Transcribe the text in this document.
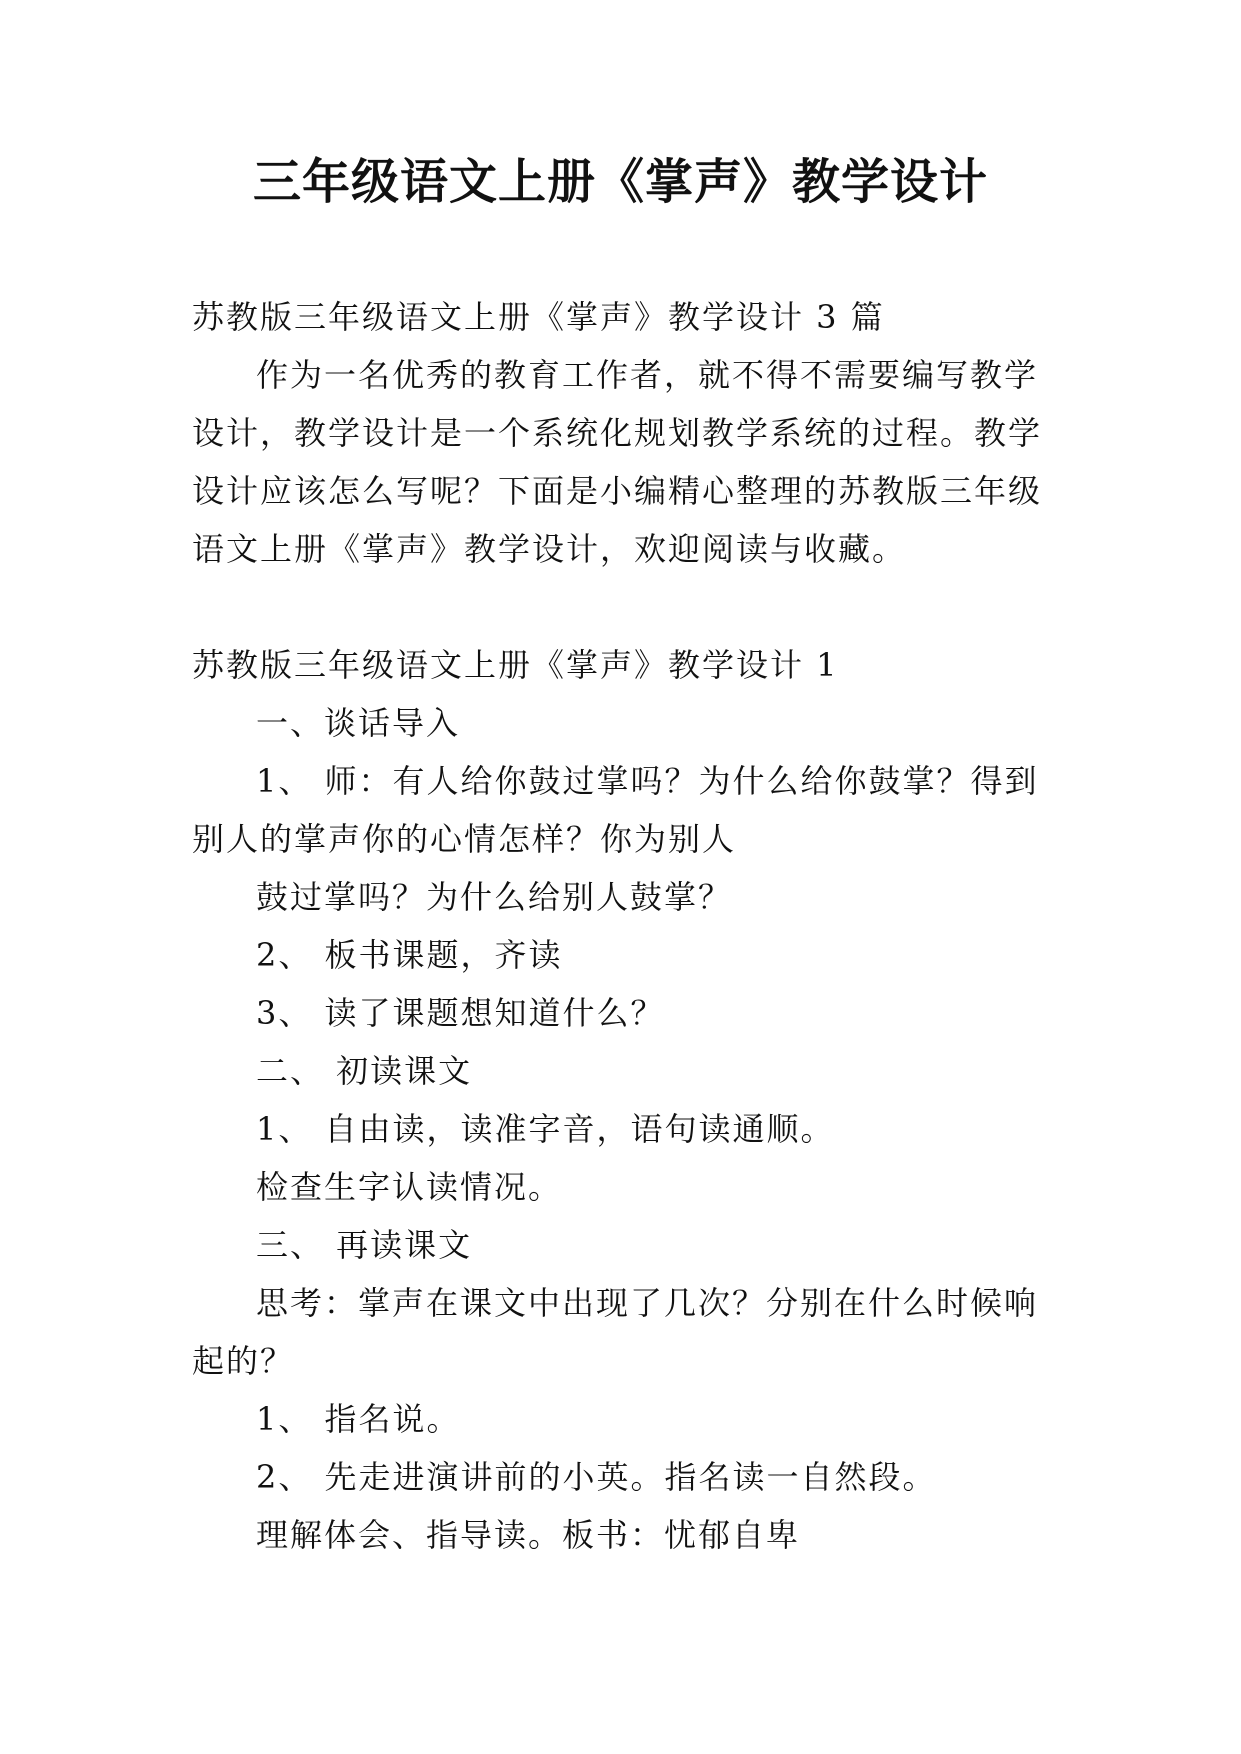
三年级语文上册《掌声》教学设计

苏教版三年级语文上册《掌声》教学设计 3 篇

作为一名优秀的教育工作者，就不得不需要编写教学设计，教学设计是一个系统化规划教学系统的过程。教学设计应该怎么写呢？下面是小编精心整理的苏教版三年级语文上册《掌声》教学设计，欢迎阅读与收藏。

苏教版三年级语文上册《掌声》教学设计 1

一、谈话导入

1、 师：有人给你鼓过掌吗？为什么给你鼓掌？得到别人的掌声你的心情怎样？你为别人

鼓过掌吗？为什么给别人鼓掌？

2、 板书课题，齐读

3、 读了课题想知道什么？

二、 初读课文

1、 自由读，读准字音，语句读通顺。

检查生字认读情况。

三、 再读课文

思考：掌声在课文中出现了几次？分别在什么时候响起的？

1、 指名说。

2、 先走进演讲前的小英。指名读一自然段。

理解体会、指导读。板书：忧郁自卑
